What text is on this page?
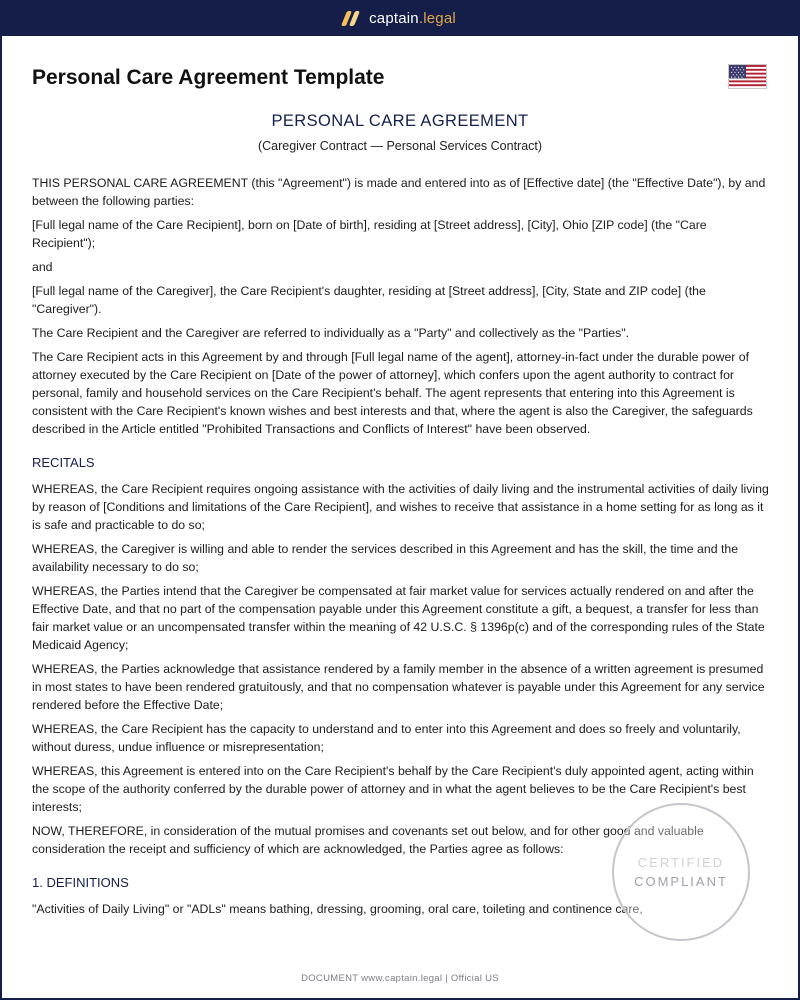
captain .legal
Personal Care Agreement Template
PERSONAL CARE AGREEMENT
(Caregiver Contract — Personal Services Contract)

THIS PERSONAL CARE AGREEMENT (this "Agreement") is made and entered into as of [Effective date] (the "Effective Date"), by and between the following parties:

[Full legal name of the Care Recipient], born on [Date of birth], residing at [Street address], [City], Ohio [ZIP code] (the "Care Recipient");

and

[Full legal name of the Caregiver], the Care Recipient's daughter, residing at [Street address], [City, State and ZIP code] (the "Caregiver").

The Care Recipient and the Caregiver are referred to individually as a "Party" and collectively as the "Parties".

The Care Recipient acts in this Agreement by and through [Full legal name of the agent], attorney-in-fact under the durable power of attorney executed by the Care Recipient on [Date of the power of attorney], which confers upon the agent authority to contract for personal, family and household services on the Care Recipient's behalf. The agent represents that entering into this Agreement is consistent with the Care Recipient's known wishes and best interests and that, where the agent is also the Caregiver, the safeguards described in the Article entitled "Prohibited Transactions and Conflicts of Interest" have been observed.

RECITALS

WHEREAS, the Care Recipient requires ongoing assistance with the activities of daily living and the instrumental activities of daily living by reason of [Conditions and limitations of the Care Recipient], and wishes to receive that assistance in a home setting for as long as it is safe and practicable to do so;

WHEREAS, the Caregiver is willing and able to render the services described in this Agreement and has the skill, the time and the availability necessary to do so;

WHEREAS, the Parties intend that the Caregiver be compensated at fair market value for services actually rendered on and after the Effective Date, and that no part of the compensation payable under this Agreement constitute a gift, a bequest, a transfer for less than fair market value or an uncompensated transfer within the meaning of 42 U.S.C. § 1396p(c) and of the corresponding rules of the State Medicaid Agency;

WHEREAS, the Parties acknowledge that assistance rendered by a family member in the absence of a written agreement is presumed in most states to have been rendered gratuitously, and that no compensation whatever is payable under this Agreement for any service rendered before the Effective Date;

WHEREAS, the Care Recipient has the capacity to understand and to enter into this Agreement and does so freely and voluntarily, without duress, undue influence or misrepresentation;

WHEREAS, this Agreement is entered into on the Care Recipient's behalf by the Care Recipient's duly appointed agent, acting within the scope of the authority conferred by the durable power of attorney and in what the agent believes to be the Care Recipient's best interests;

NOW, THEREFORE, in consideration of the mutual promises and covenants set out below, and for other good and valuable consideration the receipt and sufficiency of which are acknowledged, the Parties agree as follows:

1. DEFINITIONS

"Activities of Daily Living" or "ADLs" means bathing, dressing, grooming, oral care, toileting and continence care,

CERTIFIED
COMPLIANT
DOCUMENT www.captain.legal | Official US
